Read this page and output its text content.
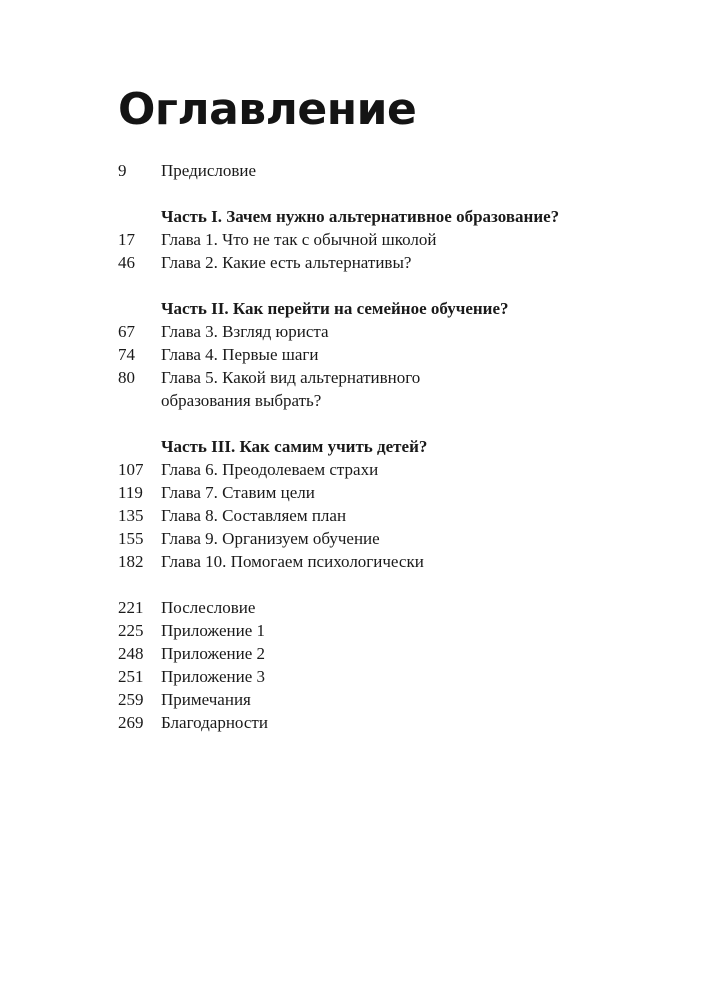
Оглавление
9	Предисловие
Часть I. Зачем нужно альтернативное образование?
17	Глава 1. Что не так с обычной школой
46	Глава 2. Какие есть альтернативы?
Часть II. Как перейти на семейное обучение?
67	Глава 3. Взгляд юриста
74	Глава 4. Первые шаги
80	Глава 5. Какой вид альтернативного
образования выбрать?
Часть III. Как самим учить детей?
107	Глава 6. Преодолеваем страхи
119	Глава 7. Ставим цели
135	Глава 8. Составляем план
155	Глава 9. Организуем обучение
182	Глава 10. Помогаем психологически
221	Послесловие
225	Приложение 1
248	Приложение 2
251	Приложение 3
259	Примечания
269	Благодарности
